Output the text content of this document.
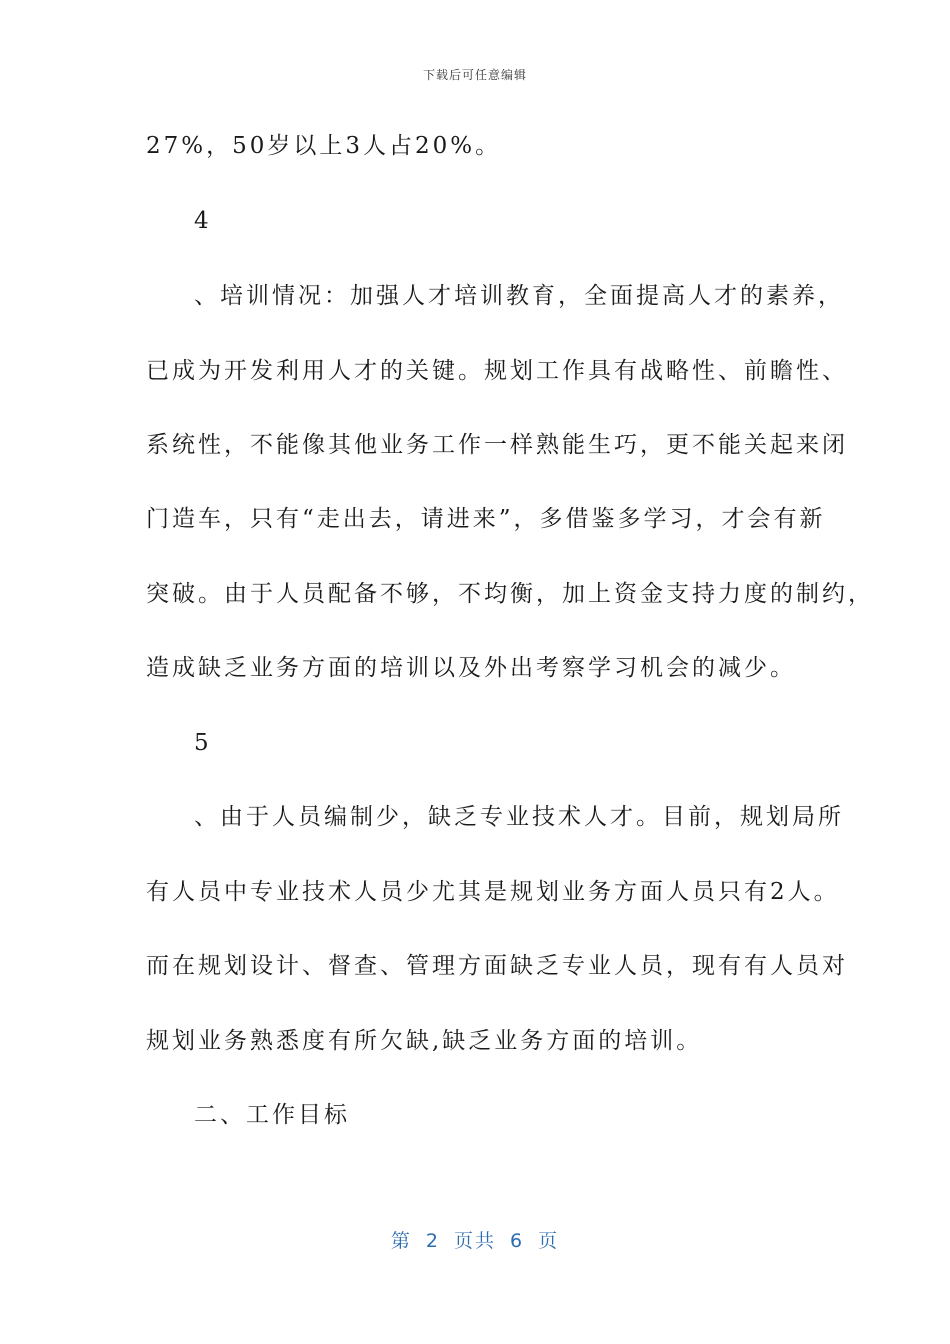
下载后可任意编辑
27%，50岁以上3人占20%。
4
、培训情况：加强人才培训教育，全面提高人才的素养，
已成为开发利用人才的关键。规划工作具有战略性、前瞻性、
系统性，不能像其他业务工作一样熟能生巧，更不能关起来闭
门造车，只有“走出去，请进来”，多借鉴多学习，才会有新
突破。由于人员配备不够，不均衡，加上资金支持力度的制约，
造成缺乏业务方面的培训以及外出考察学习机会的减少。
5
、由于人员编制少，缺乏专业技术人才。目前，规划局所
有人员中专业技术人员少尤其是规划业务方面人员只有2人。
而在规划设计、督查、管理方面缺乏专业人员，现有有人员对
规划业务熟悉度有所欠缺,缺乏业务方面的培训。
二、工作目标
第 2 页共 6 页
